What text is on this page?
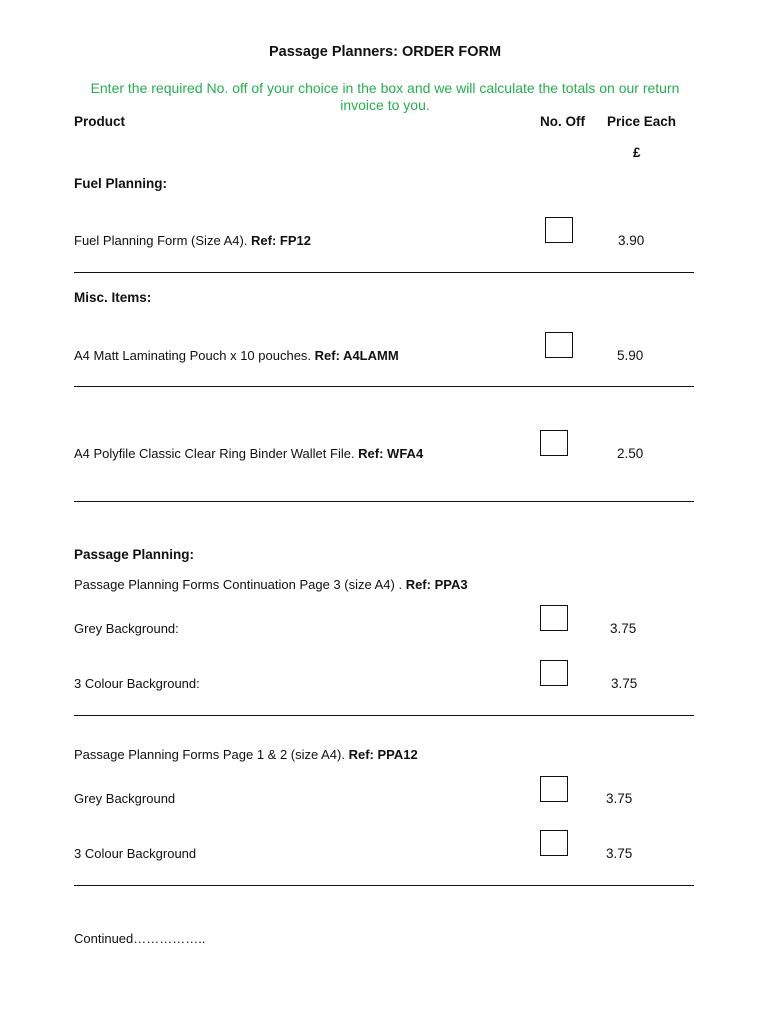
Passage Planners: ORDER FORM
Enter the required No. off of your choice in the box and we will calculate the totals on our return invoice to you.
Product	No. Off Price Each
£
Fuel Planning:
Fuel Planning Form (Size A4). Ref: FP12	3.90
Misc. Items:
A4 Matt Laminating Pouch x 10 pouches. Ref: A4LAMM	5.90
A4 Polyfile Classic Clear Ring Binder Wallet File. Ref: WFA4	2.50
Passage Planning:
Passage Planning Forms Continuation Page 3 (size A4) . Ref: PPA3
Grey Background:	3.75
3 Colour Background:	3.75
Passage Planning Forms Page 1 & 2 (size A4). Ref: PPA12
Grey Background	3.75
3 Colour Background	3.75
Continued……………..
